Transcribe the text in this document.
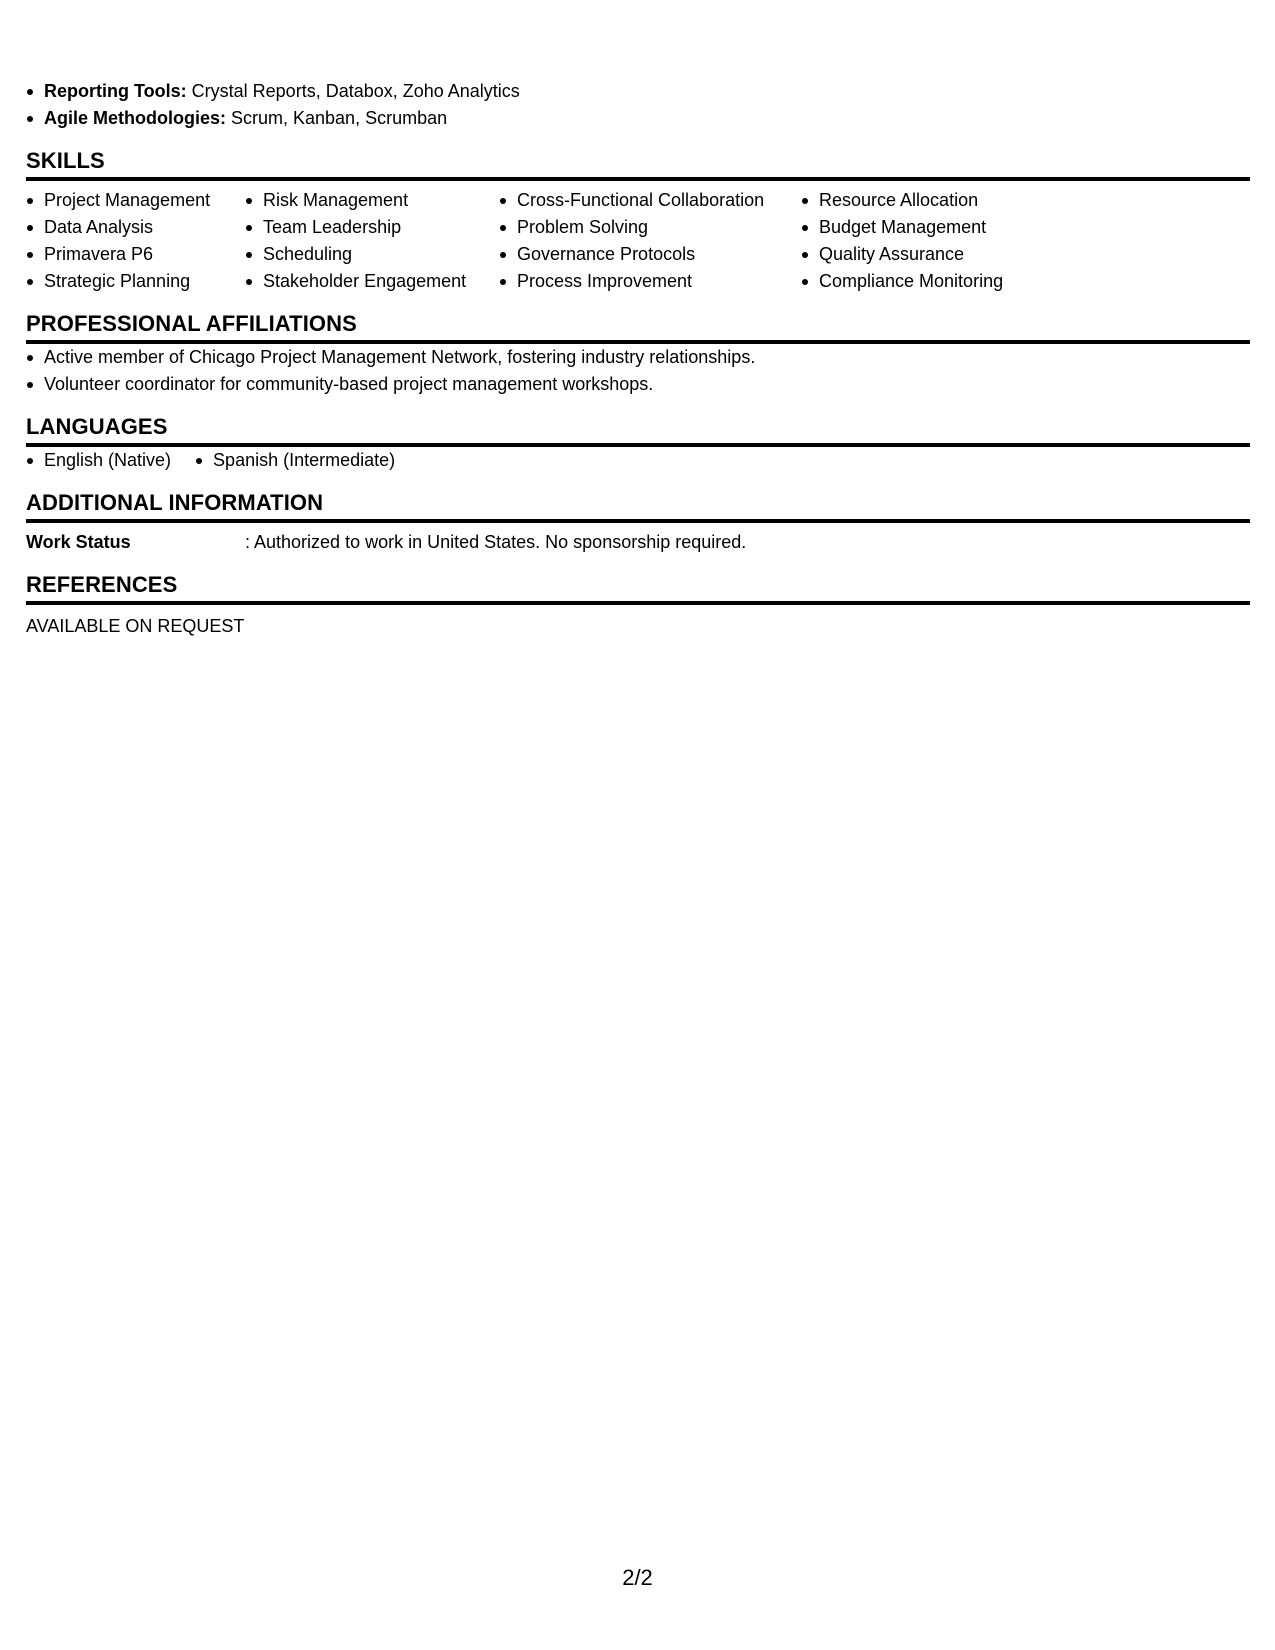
Reporting Tools: Crystal Reports, Databox, Zoho Analytics
Agile Methodologies: Scrum, Kanban, Scrumban
SKILLS
Project Management
Data Analysis
Primavera P6
Strategic Planning
Risk Management
Team Leadership
Scheduling
Stakeholder Engagement
Cross-Functional Collaboration
Problem Solving
Governance Protocols
Process Improvement
Resource Allocation
Budget Management
Quality Assurance
Compliance Monitoring
PROFESSIONAL AFFILIATIONS
Active member of Chicago Project Management Network, fostering industry relationships.
Volunteer coordinator for community-based project management workshops.
LANGUAGES
English (Native)	Spanish (Intermediate)
ADDITIONAL INFORMATION
Work Status	: Authorized to work in United States. No sponsorship required.
REFERENCES
AVAILABLE ON REQUEST
2/2
